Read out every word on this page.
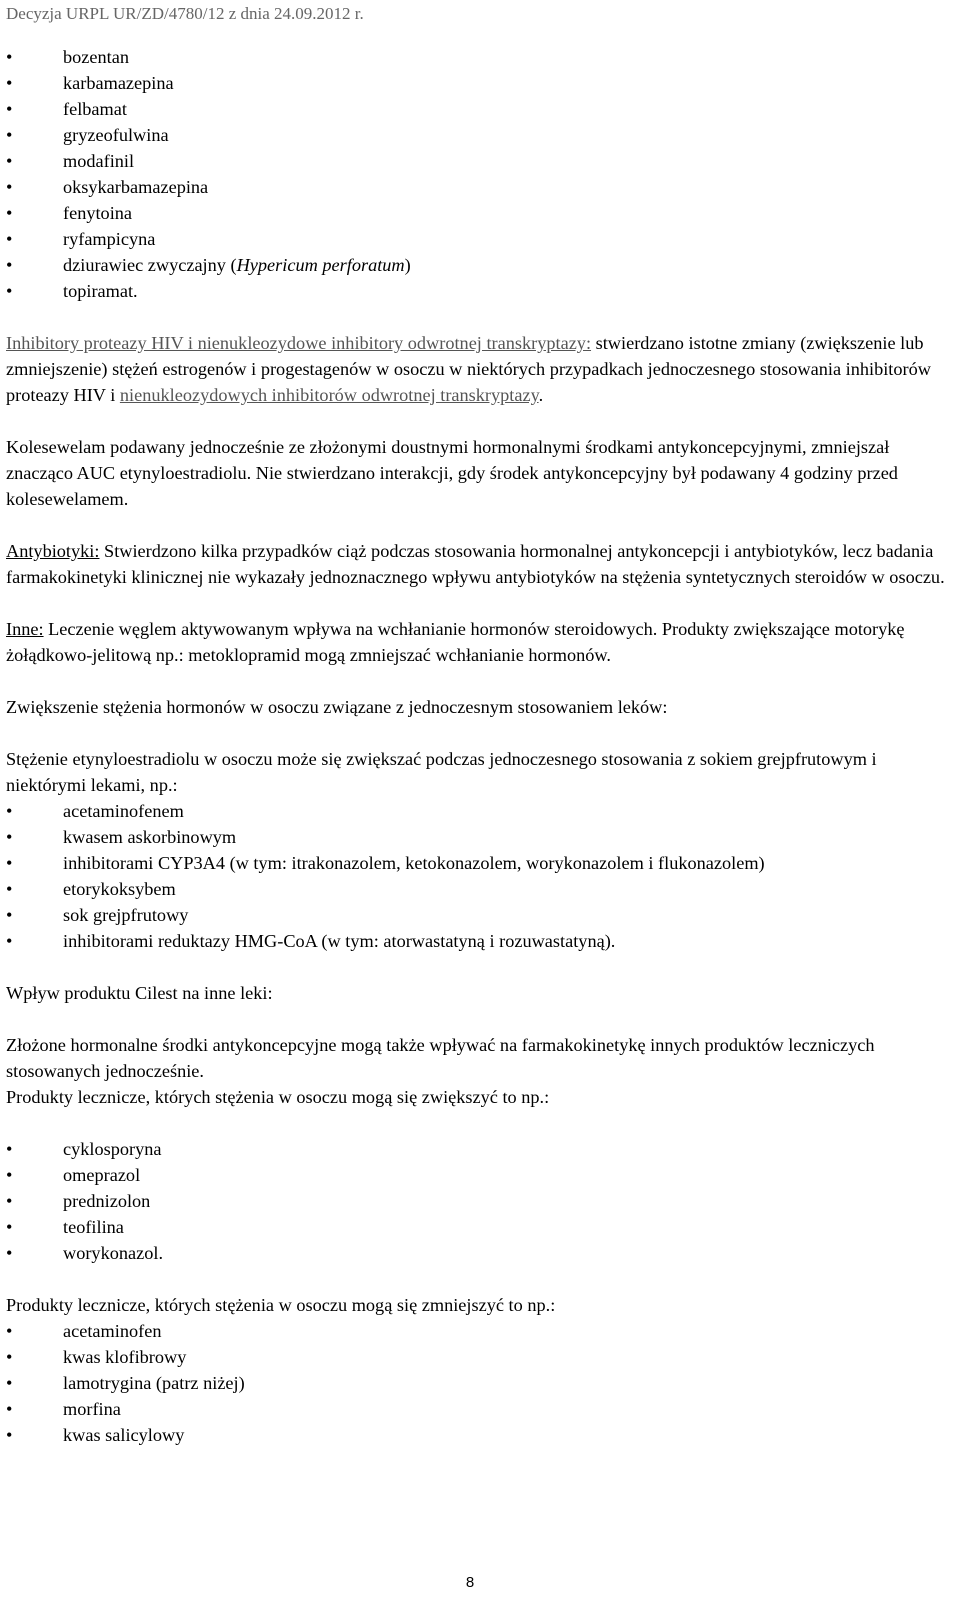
Decyzja URPL UR/ZD/4780/12 z dnia 24.09.2012 r.
• bozentan
• karbamazepina
• felbamat
• gryzeofulwina
• modafinil
• oksykarbamazepina
• fenytoina
• ryfampicyna
• dziurawiec zwyczajny (Hypericum perforatum)
• topiramat.

Inhibitory proteazy HIV i nienukleozydowe inhibitory odwrotnej transkryptazy: stwierdzano istotne zmiany (zwiększenie lub zmniejszenie) stężeń estrogenów i progestagenów w osoczu w niektórych przypadkach jednoczesnego stosowania inhibitorów proteazy HIV i nienukleozydowych inhibitorów odwrotnej transkryptazy.

Kolesewelam podawany jednocześnie ze złożonymi doustnymi hormonalnymi środkami antykoncepcyjnymi, zmniejszał znacząco AUC etynyloestradiolu. Nie stwierdzano interakcji, gdy środek antykoncepcyjny był podawany 4 godziny przed kolesewelamem.

Antybiotyki: Stwierdzono kilka przypadków ciąż podczas stosowania hormonalnej antykoncepcji i antybiotyków, lecz badania farmakokinetyki klinicznej nie wykazały jednoznacznego wpływu antybiotyków na stężenia syntetycznych steroidów w osoczu.

Inne: Leczenie węglem aktywowanym wpływa na wchłanianie hormonów steroidowych. Produkty zwiększające motorykę żołądkowo-jelitową np.: metoklopramid mogą zmniejszać wchłanianie hormonów.

Zwiększenie stężenia hormonów w osoczu związane z jednoczesnym stosowaniem leków:

Stężenie etynyloestradiolu w osoczu może się zwiększać podczas jednoczesnego stosowania z sokiem grejpfrutowym i niektórymi lekami, np.:

• acetaminofenem
• kwasem askorbinowym
• inhibitorami CYP3A4 (w tym: itrakonazolem, ketokonazolem, worykonazolem i flukonazolem)
• etorykoksybem
• sok grejpfrutowy
• inhibitorami reduktazy HMG-CoA (w tym: atorwastatyną i rozuwastatyną).

Wpływ produktu Cilest na inne leki:

Złożone hormonalne środki antykoncepcyjne mogą także wpływać na farmakokinetykę innych produktów leczniczych stosowanych jednocześnie.

Produkty lecznicze, których stężenia w osoczu mogą się zwiększyć to np.:

• cyklosporyna
• omeprazol
• prednizolon
• teofilina
• worykonazol.

Produkty lecznicze, których stężenia w osoczu mogą się zmniejszyć to np.:

• acetaminofen
• kwas klofibrowy
• lamotrygina (patrz niżej)
• morfina
• kwas salicylowy
8
